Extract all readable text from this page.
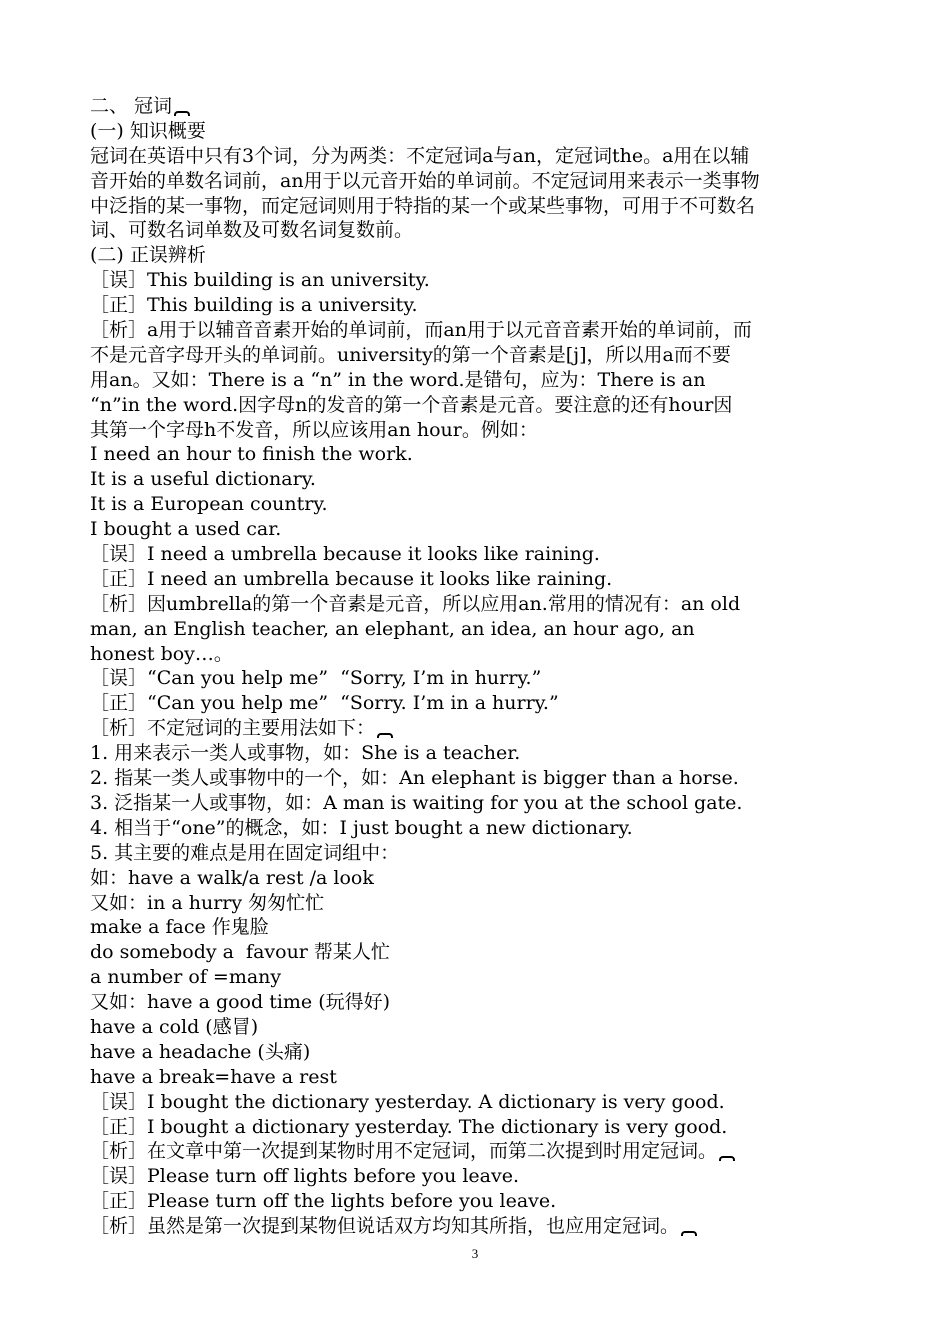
二、 冠词
(一) 知识概要
冠词在英语中只有3个词，分为两类：不定冠词a与an，定冠词the。a用在以辅
音开始的单数名词前，an用于以元音开始的单词前。不定冠词用来表示一类事物
中泛指的某一事物，而定冠词则用于特指的某一个或某些事物，可用于不可数名
词、可数名词单数及可数名词复数前。
(二) 正误辨析
［误］This building is an university.
［正］This building is a university.
［析］a用于以辅音音素开始的单词前，而an用于以元音音素开始的单词前，而
不是元音字母开头的单词前。university的第一个音素是[j]，所以用a而不要
用an。又如：There is a “n” in the word.是错句，应为：There is an
“n”in the word.因字母n的发音的第一个音素是元音。要注意的还有hour因
其第一个字母h不发音，所以应该用an hour。例如：
I need an hour to finish the work.
It is a useful dictionary.
It is a European country.
I bought a used car.
［误］I need a umbrella because it looks like raining.
［正］I need an umbrella because it looks like raining.
［析］因umbrella的第一个音素是元音，所以应用an.常用的情况有：an old
man, an English teacher, an elephant, an idea, an hour ago, an
honest boy…。
［误］“Can you help me”  “Sorry, I’m in hurry.”
［正］“Can you help me”  “Sorry. I’m in a hurry.”
［析］不定冠词的主要用法如下：
1. 用来表示一类人或事物，如：She is a teacher.
2. 指某一类人或事物中的一个，如：An elephant is bigger than a horse.
3. 泛指某一人或事物，如：A man is waiting for you at the school gate.
4. 相当于“one”的概念，如：I just bought a new dictionary.
5. 其主要的难点是用在固定词组中：
如：have a walk/a rest /a look
又如：in a hurry 匆匆忙忙
make a face 作鬼脸
do somebody a  favour 帮某人忙
a number of =many
又如：have a good time (玩得好)
have a cold (感冒)
have a headache (头痛)
have a break=have a rest
［误］I bought the dictionary yesterday. A dictionary is very good.
［正］I bought a dictionary yesterday. The dictionary is very good.
［析］在文章中第一次提到某物时用不定冠词，而第二次提到时用定冠词。
［误］Please turn off lights before you leave.
［正］Please turn off the lights before you leave.
［析］虽然是第一次提到某物但说话双方均知其所指，也应用定冠词。
3
